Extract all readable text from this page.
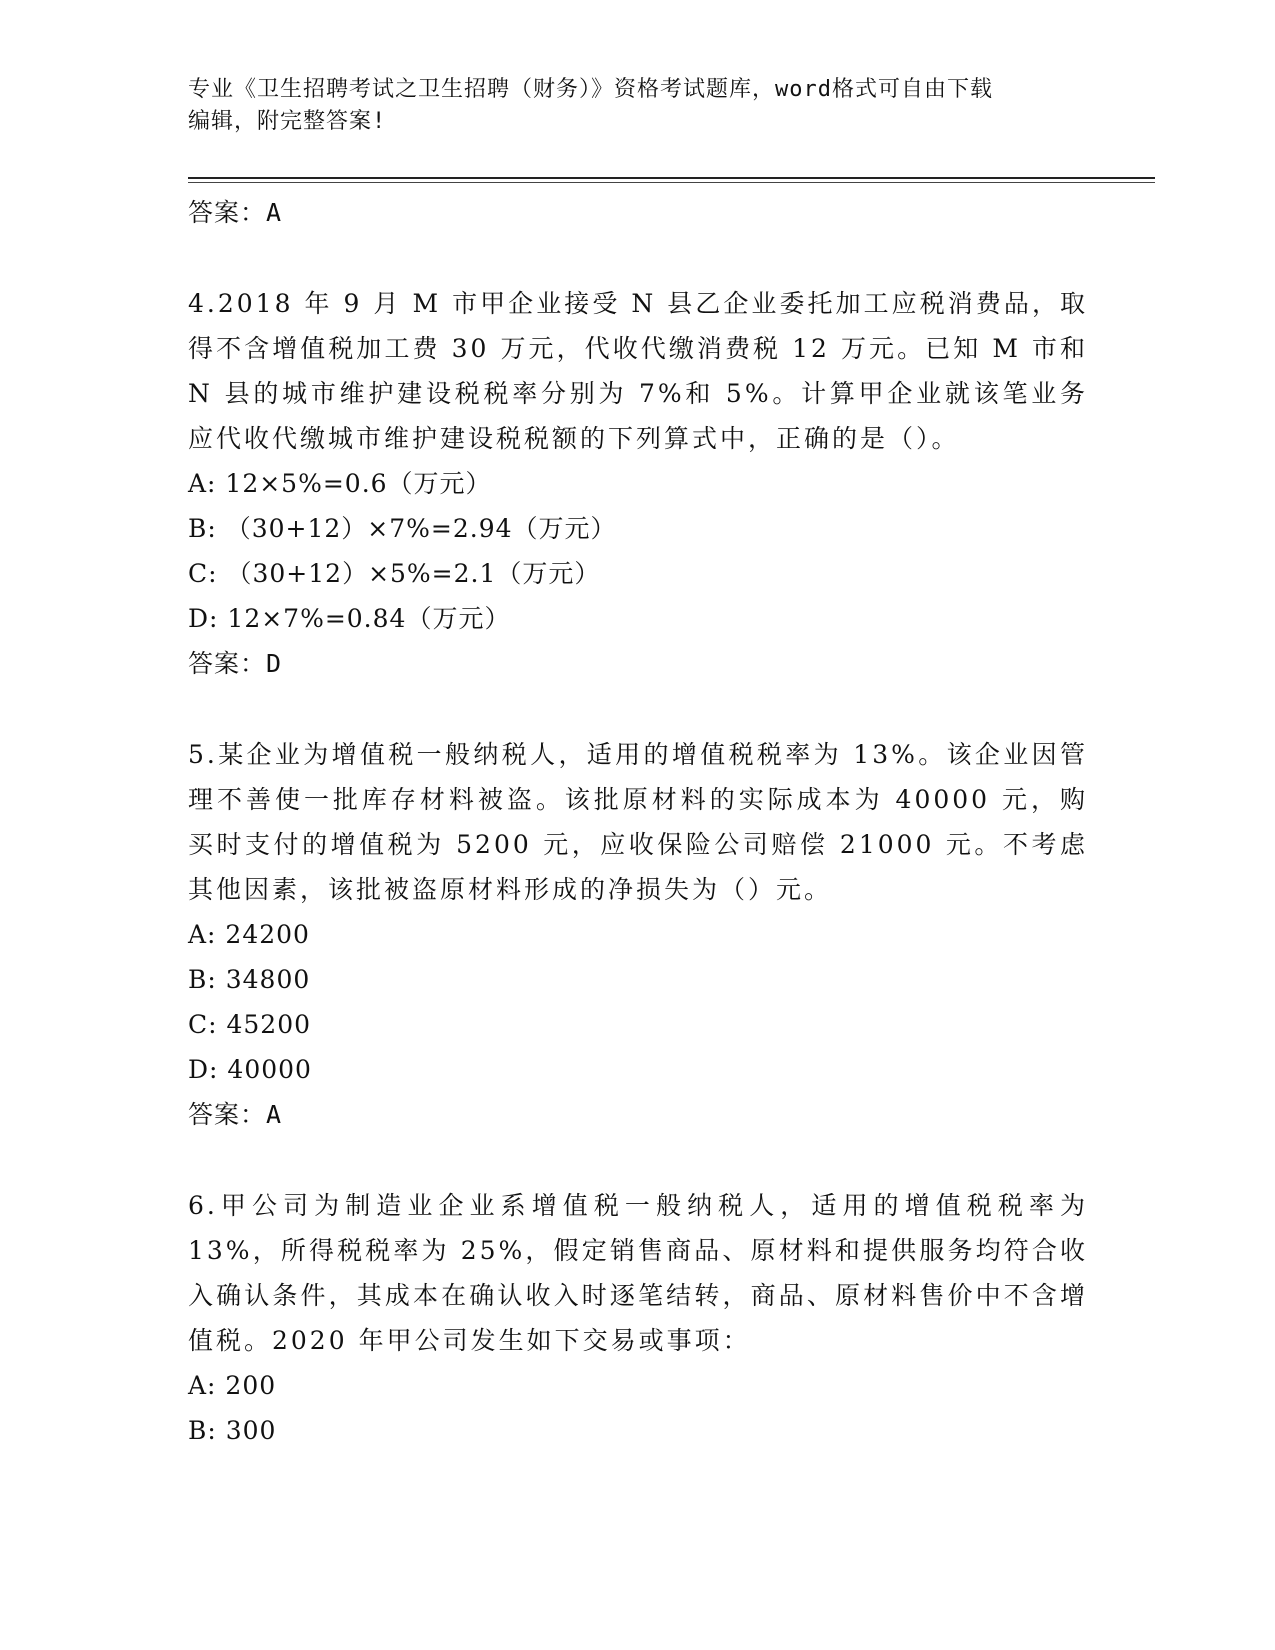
专业《卫生招聘考试之卫生招聘（财务）》资格考试题库，word格式可自由下载
编辑，附完整答案!
答案：A
4.2018 年 9 月 M 市甲企业接受 N 县乙企业委托加工应税消费品，取得不含增值税加工费 30 万元，代收代缴消费税 12 万元。已知 M 市和 N 县的城市维护建设税税率分别为 7%和 5%。计算甲企业就该笔业务应代收代缴城市维护建设税税额的下列算式中，正确的是（）。
A: 12×5%=0.6（万元）
B: （30+12）×7%=2.94（万元）
C: （30+12）×5%=2.1（万元）
D: 12×7%=0.84（万元）
答案：D
5.某企业为增值税一般纳税人，适用的增值税税率为 13%。该企业因管理不善使一批库存材料被盗。该批原材料的实际成本为 40000 元，购买时支付的增值税为 5200 元，应收保险公司赔偿 21000 元。不考虑其他因素，该批被盗原材料形成的净损失为（）元。
A: 24200
B: 34800
C: 45200
D: 40000
答案：A
6.甲公司为制造业企业系增值税一般纳税人，适用的增值税税率为 13%，所得税税率为 25%，假定销售商品、原材料和提供服务均符合收入确认条件，其成本在确认收入时逐笔结转，商品、原材料售价中不含增值税。2020 年甲公司发生如下交易或事项：
A: 200
B: 300
